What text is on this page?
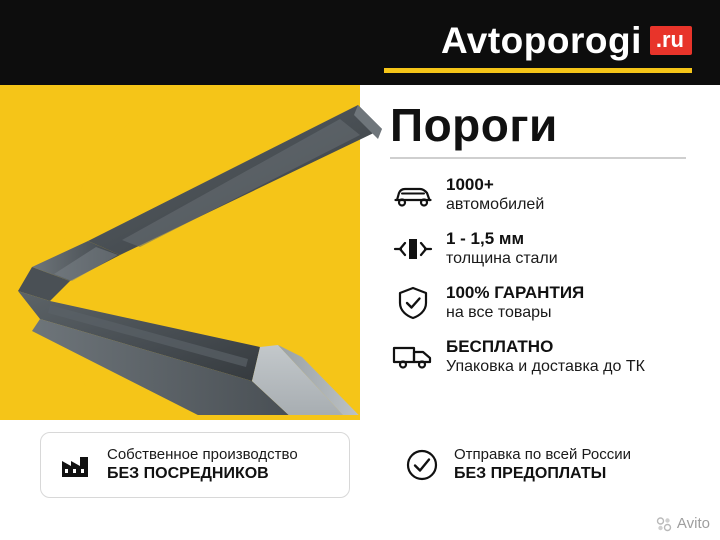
Avtoporogi .ru
Пороги
1000+
автомобилей
1 - 1,5 мм
толщина стали
100% ГАРАНТИЯ
на все товары
БЕСПЛАТНО
Упаковка и доставка до ТК
Собственное производство
БЕЗ ПОСРЕДНИКОВ
Отправка по всей России
БЕЗ ПРЕДОПЛАТЫ
Avito
